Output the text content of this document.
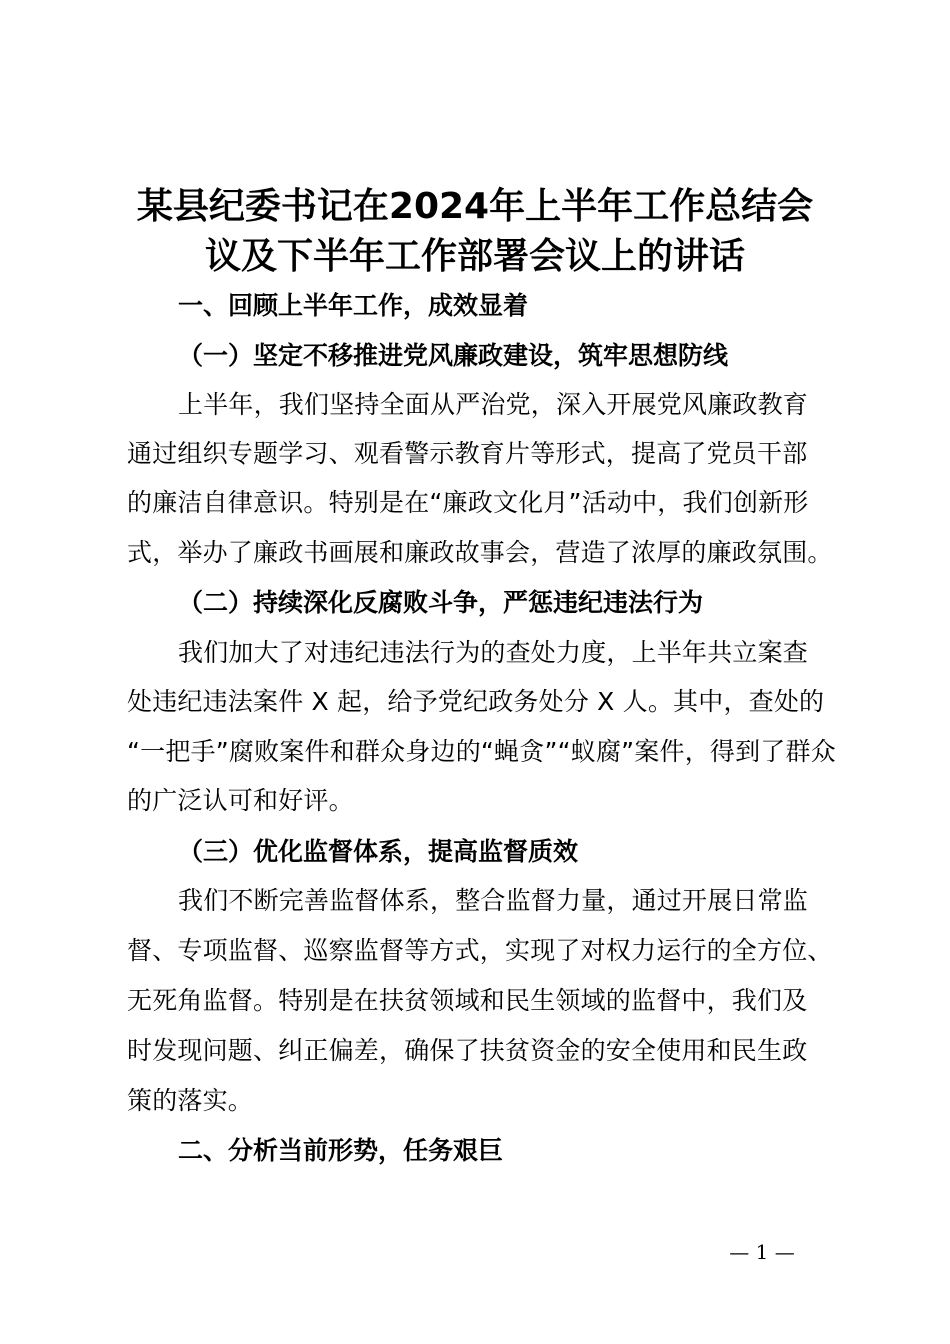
某县纪委书记在2024年上半年工作总结会
议及下半年工作部署会议上的讲话
一、回顾上半年工作，成效显着
（一）坚定不移推进党风廉政建设，筑牢思想防线
上半年，我们坚持全面从严治党，深入开展党风廉政教育
通过组织专题学习、观看警示教育片等形式，提高了党员干部
的廉洁自律意识。特别是在“廉政文化月”活动中，我们创新形
式，举办了廉政书画展和廉政故事会，营造了浓厚的廉政氛围。
（二）持续深化反腐败斗争，严惩违纪违法行为
我们加大了对违纪违法行为的查处力度，上半年共立案查
处违纪违法案件 X 起，给予党纪政务处分 X 人。其中，查处的
“一把手”腐败案件和群众身边的“蝇贪”“蚁腐”案件，得到了群众
的广泛认可和好评。
（三）优化监督体系，提高监督质效
我们不断完善监督体系，整合监督力量，通过开展日常监
督、专项监督、巡察监督等方式，实现了对权力运行的全方位、
无死角监督。特别是在扶贫领域和民生领域的监督中，我们及
时发现问题、纠正偏差，确保了扶贫资金的安全使用和民生政
策的落实。
二、分析当前形势，任务艰巨
— 1 —
